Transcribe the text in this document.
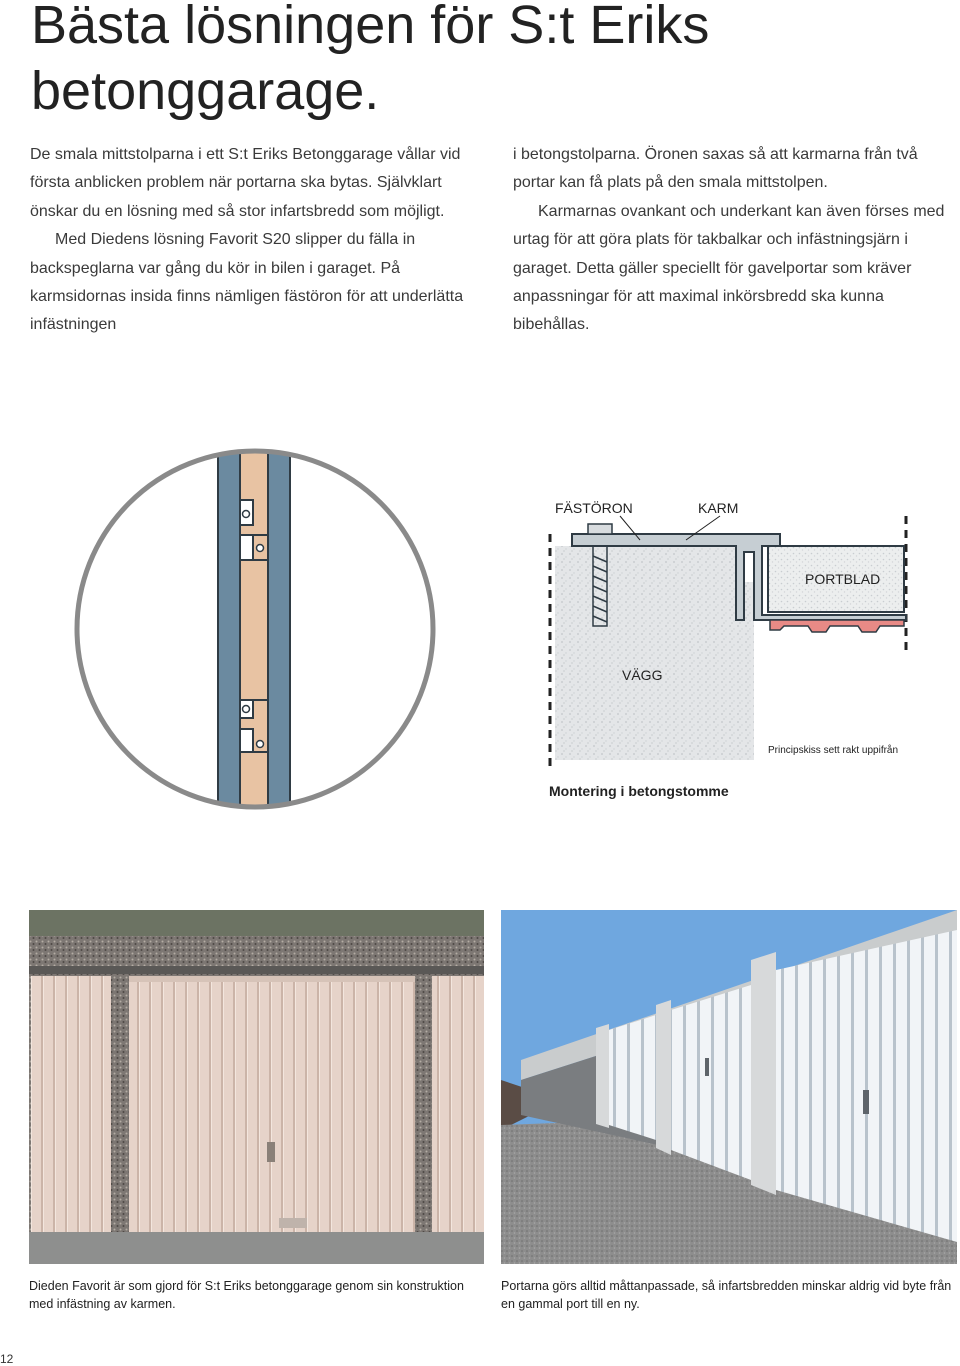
Bästa lösningen för S:t Eriks
betonggarage.

De smala mittstolparna i ett S:t Eriks Betonggarage vållar vid första anblicken problem när portarna ska bytas. Självklart önskar du en lösning med så stor infartsbredd som möjligt.

Med Diedens lösning Favorit S20 slipper du fälla in backspeglarna var gång du kör in bilen i garaget. På karmsidornas insida finns nämligen fästöron för att underlätta infästningen

i betongstolparna. Öronen saxas så att karmarna från två portar kan få plats på den smala mittstolpen.

Karmarnas ovankant och underkant kan även förses med urtag för att göra plats för takbalkar och infästningsjärn i garaget. Detta gäller speciellt för gavelportar som kräver anpassningar för att maximal inkörsbredd ska kunna bibehållas.

FÄSTÖRON	KARM
PORTBLAD
VÄGG
Principskiss sett rakt uppifrån
Montering i betongstomme

Dieden Favorit är som gjord för S:t Eriks betonggarage genom sin konstruktion med infästning av karmen.

Portarna görs alltid måttanpassade, så infartsbredden minskar aldrig vid byte från en gammal port till en ny.

12
